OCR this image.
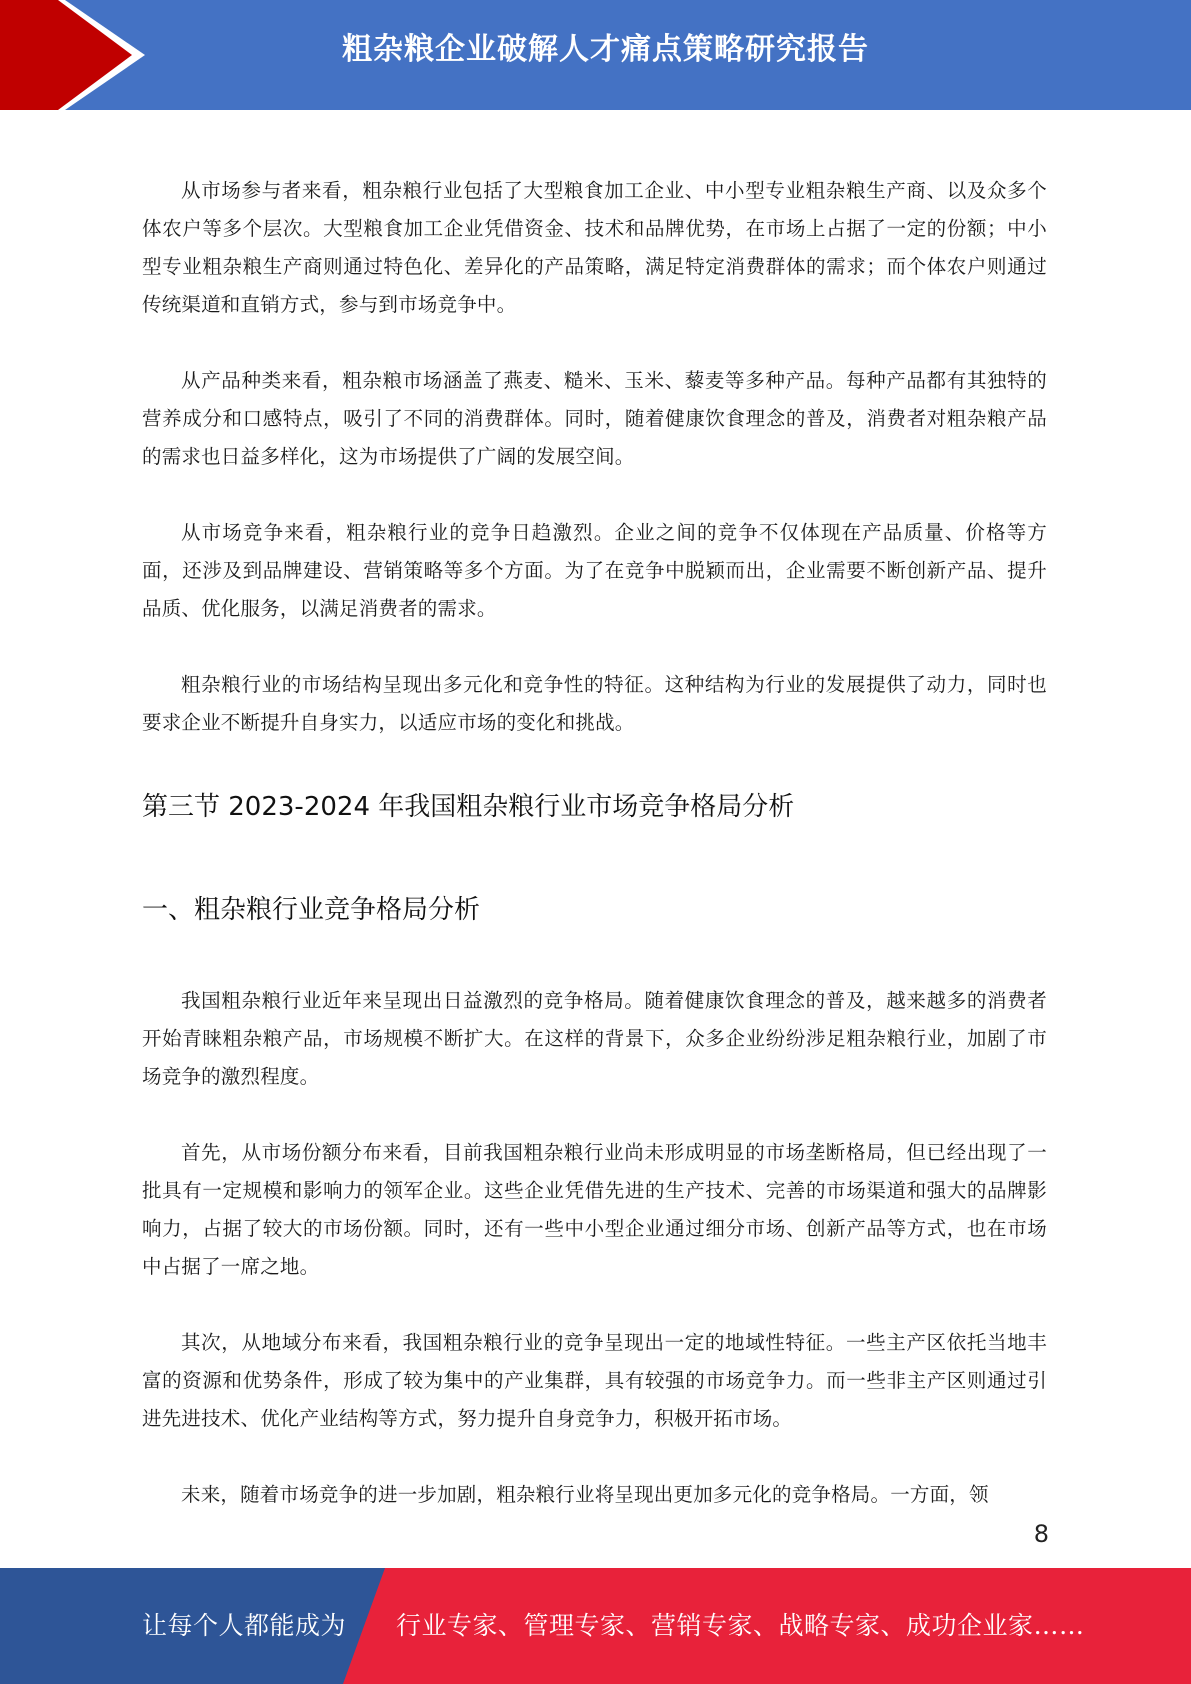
粗杂粮企业破解人才痛点策略研究报告

从市场参与者来看，粗杂粮行业包括了大型粮食加工企业、中小型专业粗杂粮生产商、以及众多个体农户等多个层次。大型粮食加工企业凭借资金、技术和品牌优势，在市场上占据了一定的份额；中小型专业粗杂粮生产商则通过特色化、差异化的产品策略，满足特定消费群体的需求；而个体农户则通过传统渠道和直销方式，参与到市场竞争中。

从产品种类来看，粗杂粮市场涵盖了燕麦、糙米、玉米、藜麦等多种产品。每种产品都有其独特的营养成分和口感特点，吸引了不同的消费群体。同时，随着健康饮食理念的普及，消费者对粗杂粮产品的需求也日益多样化，这为市场提供了广阔的发展空间。

从市场竞争来看，粗杂粮行业的竞争日趋激烈。企业之间的竞争不仅体现在产品质量、价格等方面，还涉及到品牌建设、营销策略等多个方面。为了在竞争中脱颖而出，企业需要不断创新产品、提升品质、优化服务，以满足消费者的需求。

粗杂粮行业的市场结构呈现出多元化和竞争性的特征。这种结构为行业的发展提供了动力，同时也要求企业不断提升自身实力，以适应市场的变化和挑战。

第三节 2023-2024 年我国粗杂粮行业市场竞争格局分析
一、粗杂粮行业竞争格局分析

我国粗杂粮行业近年来呈现出日益激烈的竞争格局。随着健康饮食理念的普及，越来越多的消费者开始青睐粗杂粮产品，市场规模不断扩大。在这样的背景下，众多企业纷纷涉足粗杂粮行业，加剧了市场竞争的激烈程度。

首先，从市场份额分布来看，目前我国粗杂粮行业尚未形成明显的市场垄断格局，但已经出现了一批具有一定规模和影响力的领军企业。这些企业凭借先进的生产技术、完善的市场渠道和强大的品牌影响力，占据了较大的市场份额。同时，还有一些中小型企业通过细分市场、创新产品等方式，也在市场中占据了一席之地。

其次，从地域分布来看，我国粗杂粮行业的竞争呈现出一定的地域性特征。一些主产区依托当地丰富的资源和优势条件，形成了较为集中的产业集群，具有较强的市场竞争力。而一些非主产区则通过引进先进技术、优化产业结构等方式，努力提升自身竞争力，积极开拓市场。

未来，随着市场竞争的进一步加剧，粗杂粮行业将呈现出更加多元化的竞争格局。一方面，领

8
让每个人都能成为 行业专家、管理专家、营销专家、战略专家、成功企业家……
